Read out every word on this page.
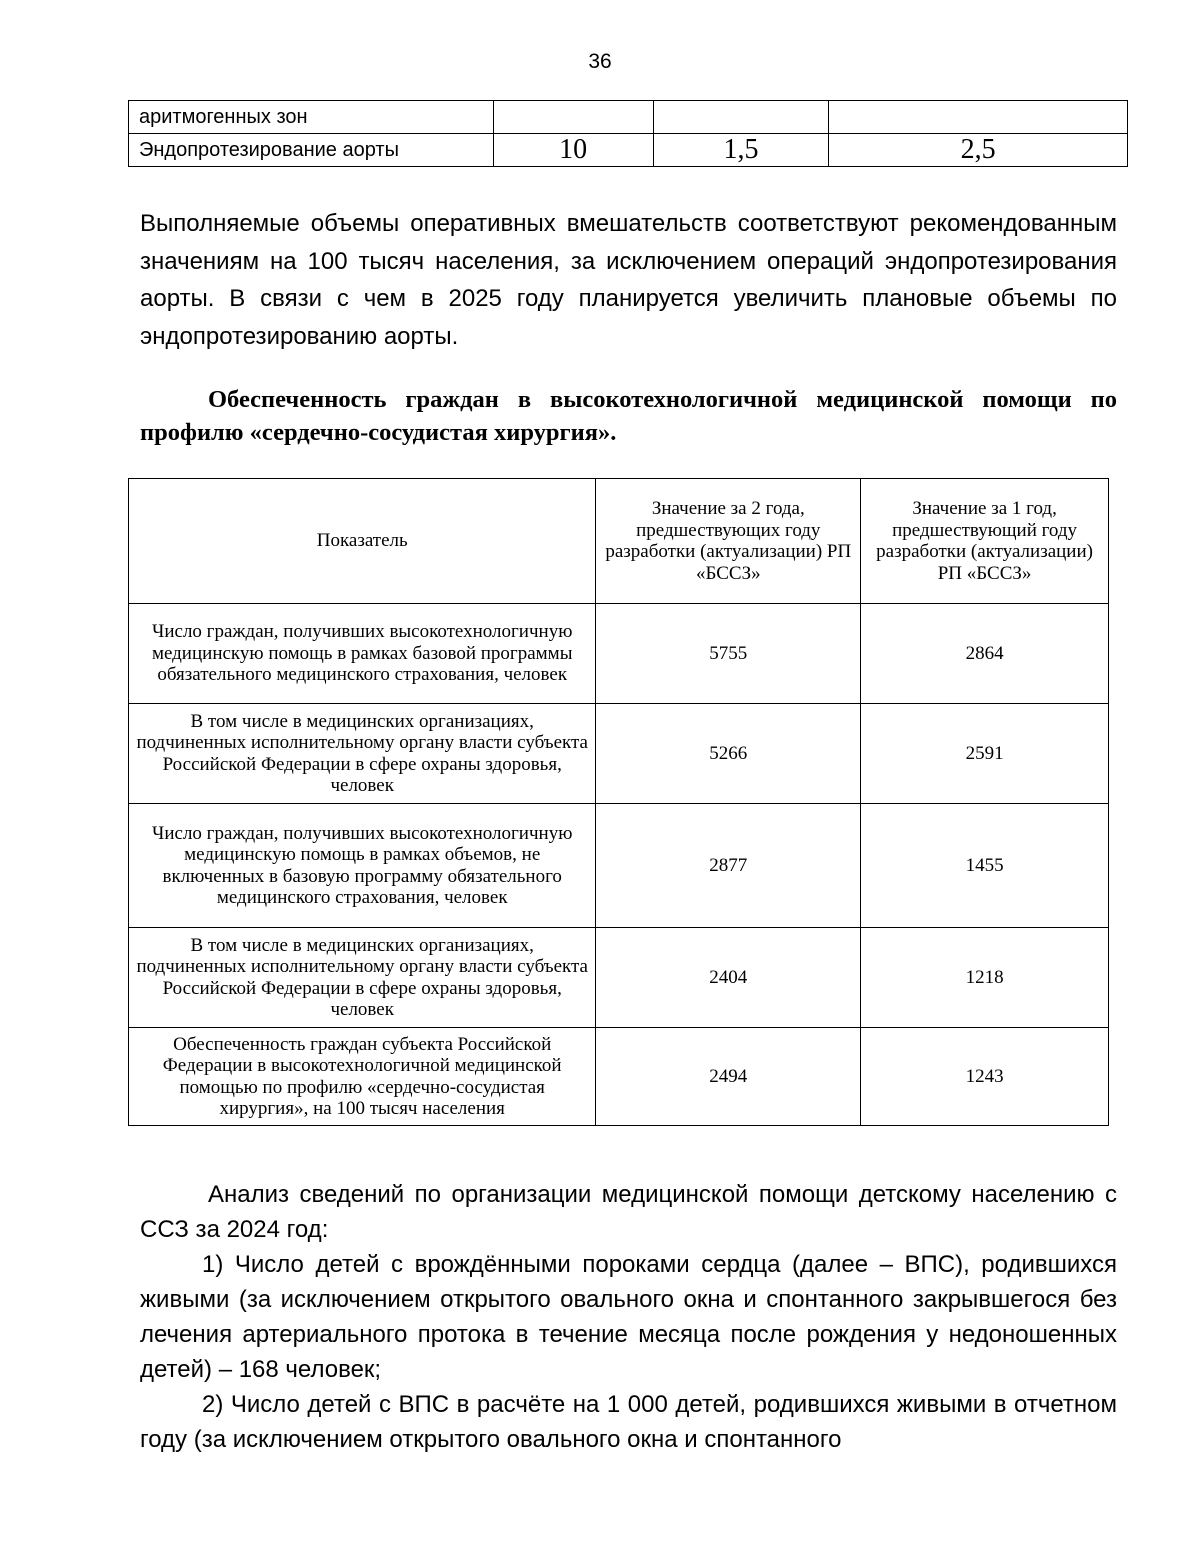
36
аритмогенных зон			
Эндопротезирование аорты	10	1,5	2,5

Выполняемые объемы оперативных вмешательств соответствуют рекомендованным значениям на 100 тысяч населения, за исключением операций эндопротезирования аорты. В связи с чем в 2025 году планируется увеличить плановые объемы по эндопротезированию аорты.

Обеспеченность граждан в высокотехнологичной медицинской помощи по профилю «сердечно-сосудистая хирургия».

Показатель	Значение за 2 года, предшествующих году разработки (актуализации) РП «БССЗ»	Значение за 1 год, предшествующий году разработки (актуализации) РП «БССЗ»
Число граждан, получивших высокотехнологичную медицинскую помощь в рамках базовой программы обязательного медицинского страхования, человек	5755	2864
В том числе в медицинских организациях, подчиненных исполнительному органу власти субъекта Российской Федерации в сфере охраны здоровья, человек	5266	2591
Число граждан, получивших высокотехнологичную медицинскую помощь в рамках объемов, не включенных в базовую программу обязательного медицинского страхования, человек	2877	1455
В том числе в медицинских организациях, подчиненных исполнительному органу власти субъекта Российской Федерации в сфере охраны здоровья, человек	2404	1218
Обеспеченность граждан субъекта Российской Федерации в высокотехнологичной медицинской помощью по профилю «сердечно-сосудистая хирургия», на 100 тысяч населения	2494	1243
Анализ сведений по организации медицинской помощи детскому населению с ССЗ за 2024 год:
1) Число детей с врождёнными пороками сердца (далее – ВПС), родившихся живыми (за исключением открытого овального окна и спонтанного закрывшегося без лечения артериального протока в течение месяца после рождения у недоношенных детей) – 168 человек;
2) Число детей с ВПС в расчёте на 1 000 детей, родившихся живыми в отчетном году (за исключением открытого овального окна и спонтанного
